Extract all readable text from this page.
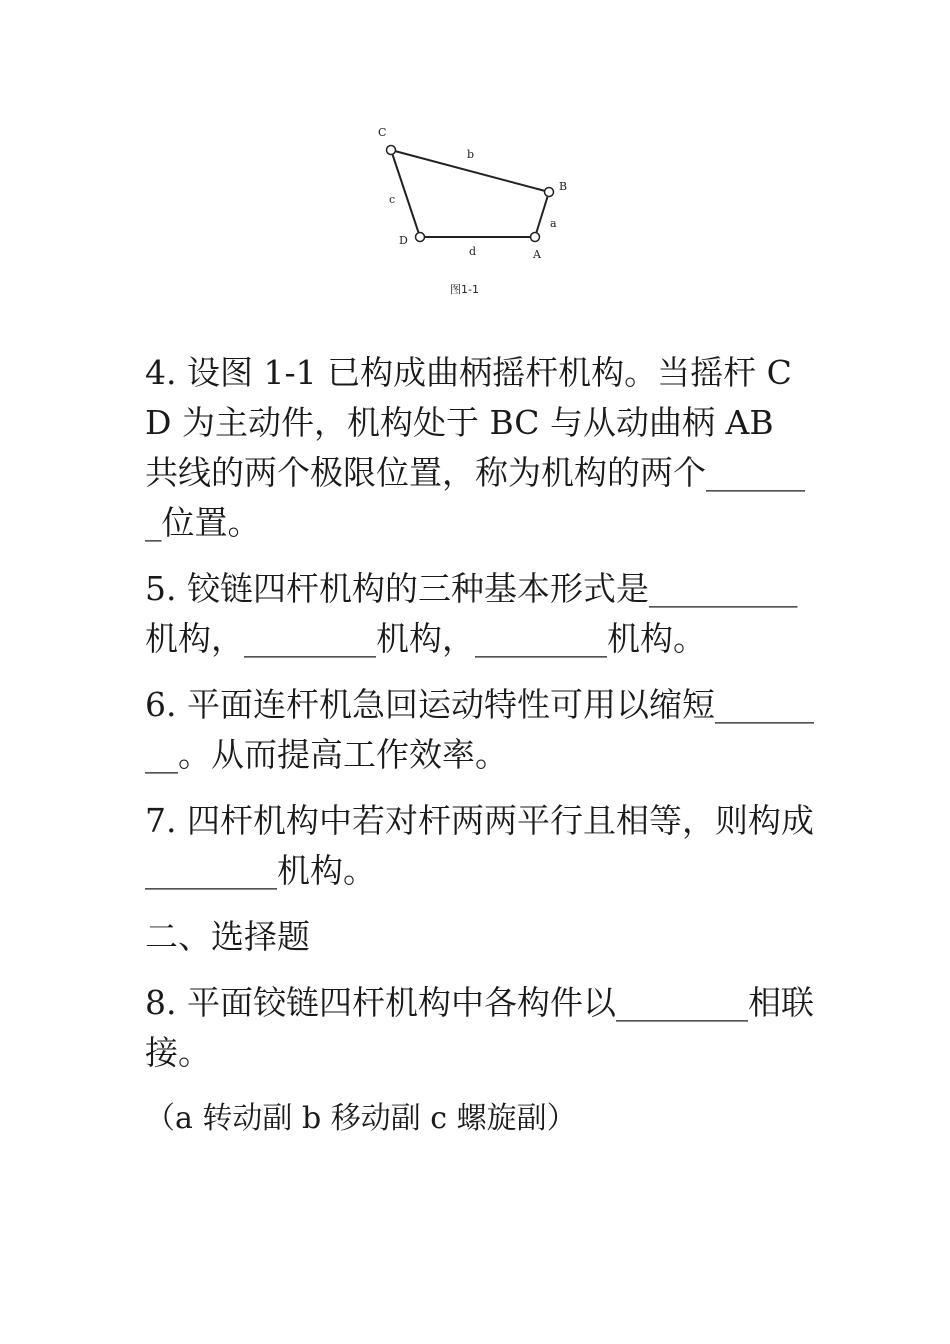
C
B
A
D
b
a
c
d
图1-1

4. 设图 1-1 已构成曲柄摇杆机构。当摇杆 CD 为主动件，机构处于 BC 与从动曲柄 AB 共线的两个极限位置，称为机构的两个_______位置。

5. 铰链四杆机构的三种基本形式是_________机构，________机构，________机构。

6. 平面连杆机急回运动特性可用以缩短________。从而提高工作效率。

7. 四杆机构中若对杆两两平行且相等，则构成________机构。

二、选择题

8. 平面铰链四杆机构中各构件以________相联接。

（a 转动副 b 移动副 c 螺旋副）
